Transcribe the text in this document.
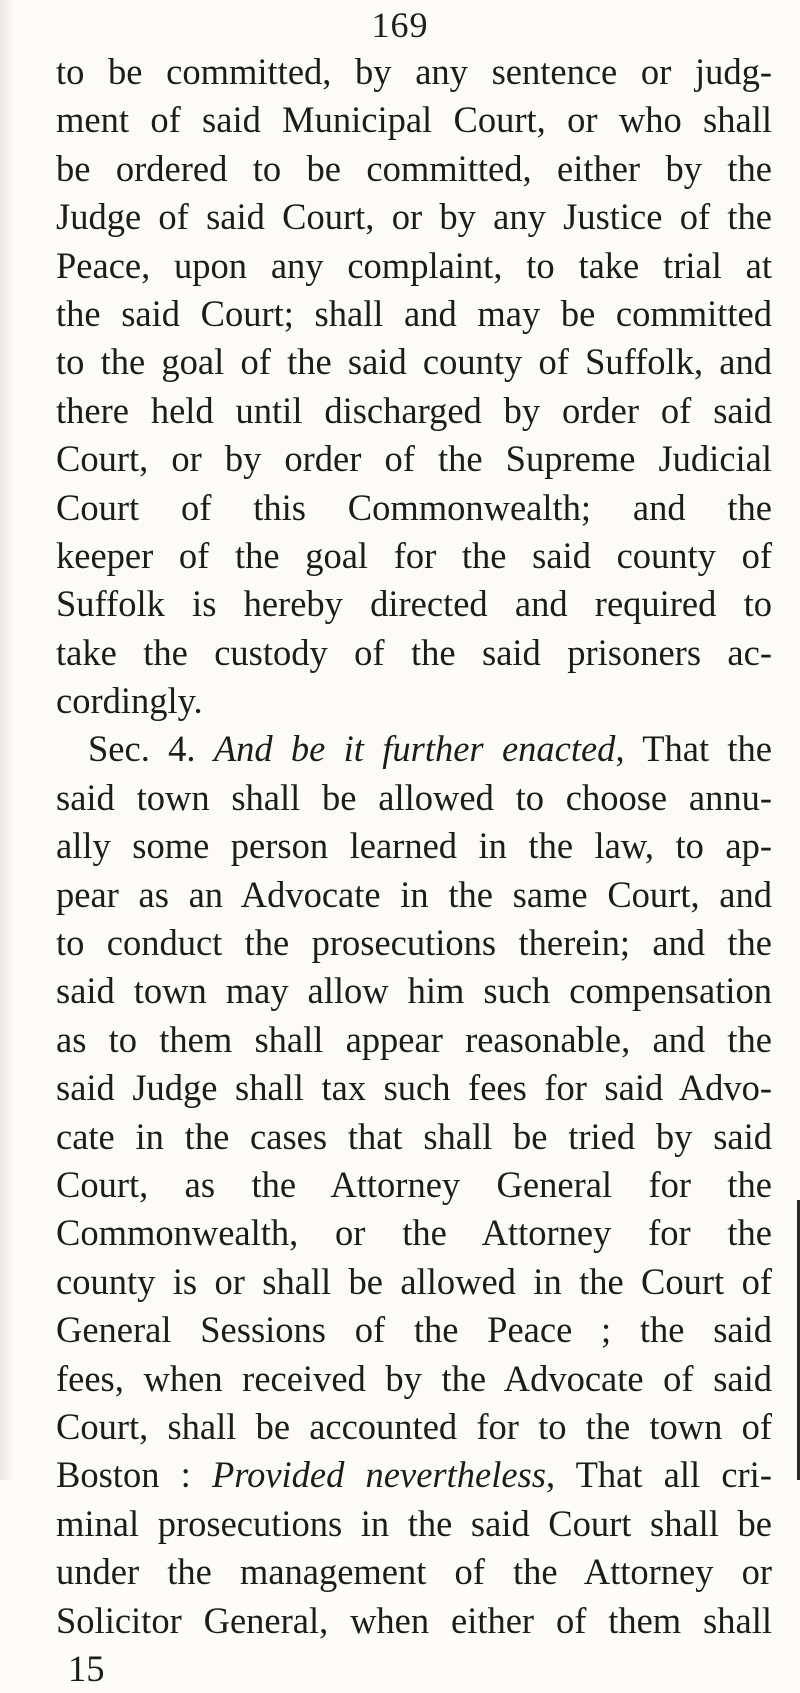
169
to be committed, by any sentence or judg-
ment of said Municipal Court, or who shall
be ordered to be committed, either by the
Judge of said Court, or by any Justice of the
Peace, upon any complaint, to take trial at
the said Court; shall and may be committed
to the goal of the said county of Suffolk, and
there held until discharged by order of said
Court, or by order of the Supreme Judicial
Court of this Commonwealth; and the
keeper of the goal for the said county of
Suffolk is hereby directed and required to
take the custody of the said prisoners ac-
cordingly.
Sec. 4. And be it further enacted, That the
said town shall be allowed to choose annu-
ally some person learned in the law, to ap-
pear as an Advocate in the same Court, and
to conduct the prosecutions therein; and the
said town may allow him such compensation
as to them shall appear reasonable, and the
said Judge shall tax such fees for said Advo-
cate in the cases that shall be tried by said
Court, as the Attorney General for the
Commonwealth, or the Attorney for the
county is or shall be allowed in the Court of
General Sessions of the Peace ; the said
fees, when received by the Advocate of said
Court, shall be accounted for to the town of
Boston : Provided nevertheless, That all cri-
minal prosecutions in the said Court shall be
under the management of the Attorney or
Solicitor General, when either of them shall
15
